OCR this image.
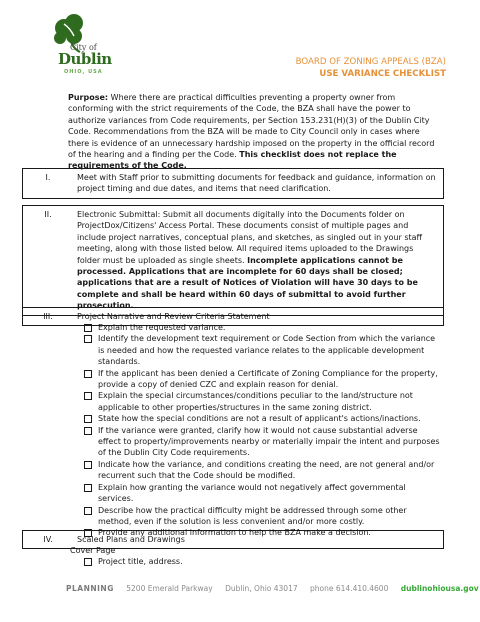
City of
Dublin
OHIO, USA
BOARD OF ZONING APPEALS (BZA)
USE VARIANCE CHECKLIST
Purpose: Where there are practical difficulties preventing a property owner from conforming with the strict requirements of the Code, the BZA shall have the power to authorize variances from Code requirements, per Section 153.231(H)(3) of the Dublin City Code. Recommendations from the BZA will be made to City Council only in cases where there is evidence of an unnecessary hardship imposed on the property in the official record of the hearing and a finding per the Code. This checklist does not replace the requirements of the Code.
I.	Meet with Staff prior to submitting documents for feedback and guidance, information on project timing and due dates, and items that need clarification.
II.	Electronic Submittal: Submit all documents digitally into the Documents folder on ProjectDox/Citizens' Access Portal. These documents consist of multiple pages and include project narratives, conceptual plans, and sketches, as singled out in your staff meeting, along with those listed below. All required items uploaded to the Drawings folder must be uploaded as single sheets. Incomplete applications cannot be processed. Applications that are incomplete for 60 days shall be closed; applications that are a result of Notices of Violation will have 30 days to be complete and shall be heard within 60 days of submittal to avoid further prosecution.
III.	Project Narrative and Review Criteria Statement
Explain the requested variance.
Identify the development text requirement or Code Section from which the variance is needed and how the requested variance relates to the applicable development standards.
If the applicant has been denied a Certificate of Zoning Compliance for the property, provide a copy of denied CZC and explain reason for denial.
Explain the special circumstances/conditions peculiar to the land/structure not applicable to other properties/structures in the same zoning district.
State how the special conditions are not a result of applicant's actions/inactions.
If the variance were granted, clarify how it would not cause substantial adverse effect to property/improvements nearby or materially impair the intent and purposes of the Dublin City Code requirements.
Indicate how the variance, and conditions creating the need, are not general and/or recurrent such that the Code should be modified.
Explain how granting the variance would not negatively affect governmental services.
Describe how the practical difficulty might be addressed through some other method, even if the solution is less convenient and/or more costly.
Provide any additional information to help the BZA make a decision.
IV.	Scaled Plans and Drawings
Cover Page
Project title, address.
PLANNING 5200 Emerald Parkway Dublin, Ohio 43017 phone 614.410.4600 dublinohiousa.gov
